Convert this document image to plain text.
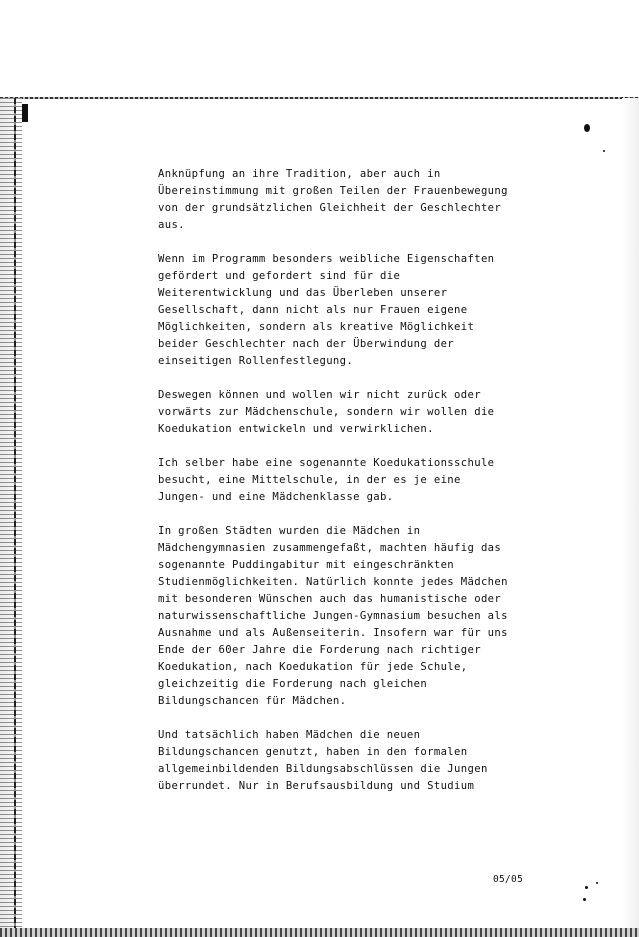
Anknüpfung an ihre Tradition, aber auch in
Übereinstimmung mit großen Teilen der Frauenbewegung
von der grundsätzlichen Gleichheit der Geschlechter
aus.
Wenn im Programm besonders weibliche Eigenschaften
gefördert und gefordert sind für die
Weiterentwicklung und das Überleben unserer
Gesellschaft, dann nicht als nur Frauen eigene
Möglichkeiten, sondern als kreative Möglichkeit
beider Geschlechter nach der Überwindung der
einseitigen Rollenfestlegung.
Deswegen können und wollen wir nicht zurück oder
vorwärts zur Mädchenschule, sondern wir wollen die
Koedukation entwickeln und verwirklichen.
Ich selber habe eine sogenannte Koedukationsschule
besucht, eine Mittelschule, in der es je eine
Jungen- und eine Mädchenklasse gab.
In großen Städten wurden die Mädchen in
Mädchengymnasien zusammengefaßt, machten häufig das
sogenannte Puddingabitur mit eingeschränkten
Studienmöglichkeiten. Natürlich konnte jedes Mädchen
mit besonderen Wünschen auch das humanistische oder
naturwissenschaftliche Jungen-Gymnasium besuchen als
Ausnahme und als Außenseiterin. Insofern war für uns
Ende der 60er Jahre die Forderung nach richtiger
Koedukation, nach Koedukation für jede Schule,
gleichzeitig die Forderung nach gleichen
Bildungschancen für Mädchen.
Und tatsächlich haben Mädchen die neuen
Bildungschancen genutzt, haben in den formalen
allgemeinbildenden Bildungsabschlüssen die Jungen
überrundet. Nur in Berufsausbildung und Studium
05/05
